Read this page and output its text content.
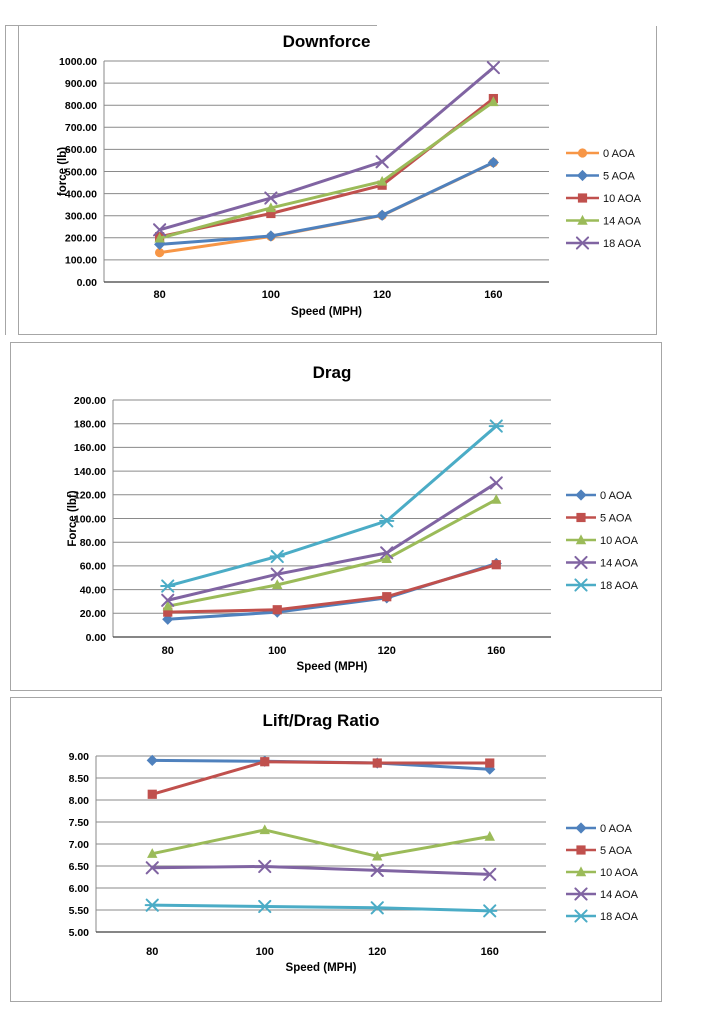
Downforce
1000.00
900.00
800.00
700.00
600.00
500.00
400.00
300.00
200.00
100.00
0.00
80	100	120	160
Speed (MPH)
force (lb)	0 AOA
5 AOA
10 AOA
14 AOA
18 AOA
Drag
200.00
180.00
160.00
140.00
120.00
100.00
80.00
60.00
40.00
20.00
0.00
80	100	120	160
Speed (MPH)
Force (lbf)	0 AOA
5 AOA
10 AOA
14 AOA
18 AOA
Lift/Drag Ratio
9.00
8.50
8.00
7.50
7.00
6.50
6.00
5.50
5.00
80	100	120	160
Speed (MPH)
0 AOA
5 AOA
10 AOA
14 AOA
18 AOA
